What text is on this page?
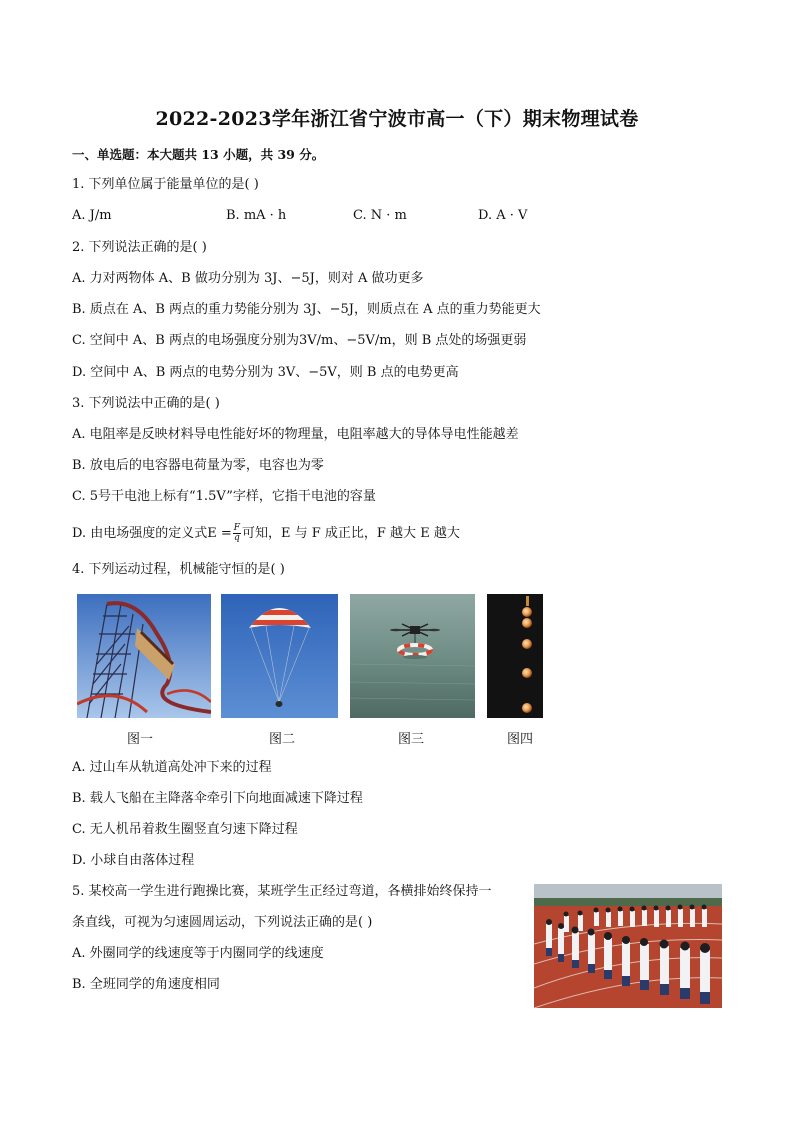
2022-2023学年浙江省宁波市高一（下）期末物理试卷
一、单选题：本大题共 13 小题，共 39 分。
1. 下列单位属于能量单位的是( )
A. J/m	B. mA · h	C. N · m	D. A · V
2. 下列说法正确的是( )
A. 力对两物体 A、B 做功分别为 3J、−5J，则对 A 做功更多
B. 质点在 A、B 两点的重力势能分别为 3J、−5J，则质点在 A 点的重力势能更大
C. 空间中 A、B 两点的电场强度分别为3V/m、−5V/m，则 B 点处的场强更弱
D. 空间中 A、B 两点的电势分别为 3V、−5V，则 B 点的电势更高
3. 下列说法中正确的是( )
A. 电阻率是反映材料导电性能好坏的物理量，电阻率越大的导体导电性能越差
B. 放电后的电容器电荷量为零，电容也为零
C. 5号干电池上标有“1.5V”字样，它指干电池的容量
D. 由电场强度的定义式$E = \frac{F}{q}$ 可知，E 与 F 成正比，F 越大 E 越大
4. 下列运动过程，机械能守恒的是( )
图一	图二	图三	图四
A. 过山车从轨道高处冲下来的过程
B. 载人飞船在主降落伞牵引下向地面减速下降过程
C. 无人机吊着救生圈竖直匀速下降过程
D. 小球自由落体过程
5. 某校高一学生进行跑操比赛，某班学生正经过弯道，各横排始终保持一
条直线，可视为匀速圆周运动，下列说法正确的是( )
A. 外圈同学的线速度等于内圈同学的线速度
B. 全班同学的角速度相同
